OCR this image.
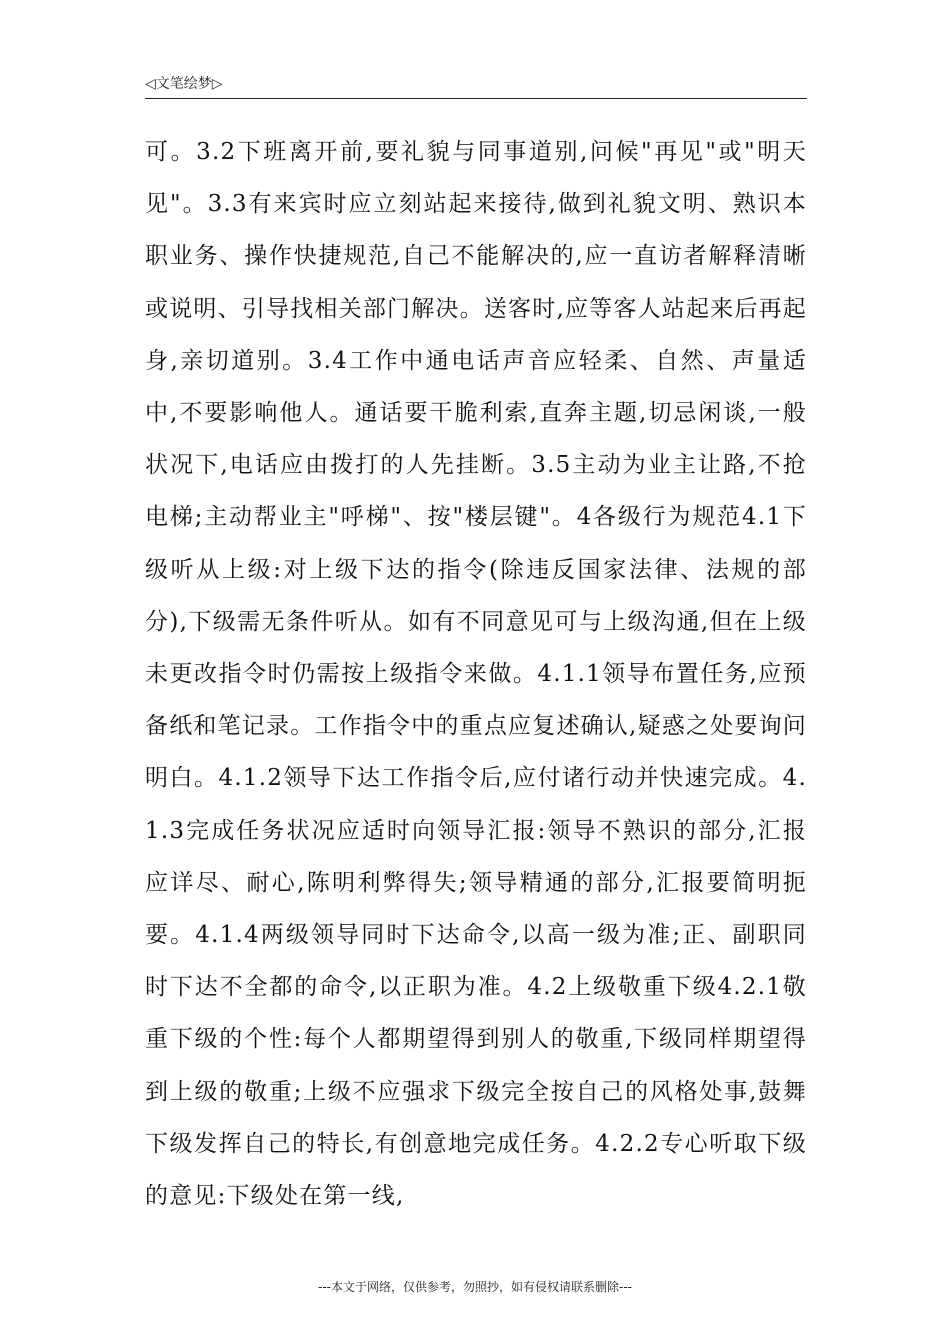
◁文笔绘梦▷

可。3.2下班离开前,要礼貌与同事道别,问候"再见"或"明天见"。3.3有来宾时应立刻站起来接待,做到礼貌文明、熟识本职业务、操作快捷规范,自己不能解决的,应一直访者解释清晰或说明、引导找相关部门解决。送客时,应等客人站起来后再起身,亲切道别。3.4工作中通电话声音应轻柔、自然、声量适中,不要影响他人。通话要干脆利索,直奔主题,切忌闲谈,一般状况下,电话应由拨打的人先挂断。3.5主动为业主让路,不抢电梯;主动帮业主"呼梯"、按"楼层键"。4各级行为规范4.1下级听从上级:对上级下达的指令(除违反国家法律、法规的部分),下级需无条件听从。如有不同意见可与上级沟通,但在上级未更改指令时仍需按上级指令来做。4.1.1领导布置任务,应预备纸和笔记录。工作指令中的重点应复述确认,疑惑之处要询问明白。4.1.2领导下达工作指令后,应付诸行动并快速完成。4.1.3完成任务状况应适时向领导汇报:领导不熟识的部分,汇报应详尽、耐心,陈明利弊得失;领导精通的部分,汇报要简明扼要。4.1.4两级领导同时下达命令,以高一级为准;正、副职同时下达不全都的命令,以正职为准。4.2上级敬重下级4.2.1敬重下级的个性:每个人都期望得到别人的敬重,下级同样期望得到上级的敬重;上级不应强求下级完全按自己的风格处事,鼓舞下级发挥自己的特长,有创意地完成任务。4.2.2专心听取下级的意见:下级处在第一线,

---本文于网络，仅供参考，勿照抄，如有侵权请联系删除---
